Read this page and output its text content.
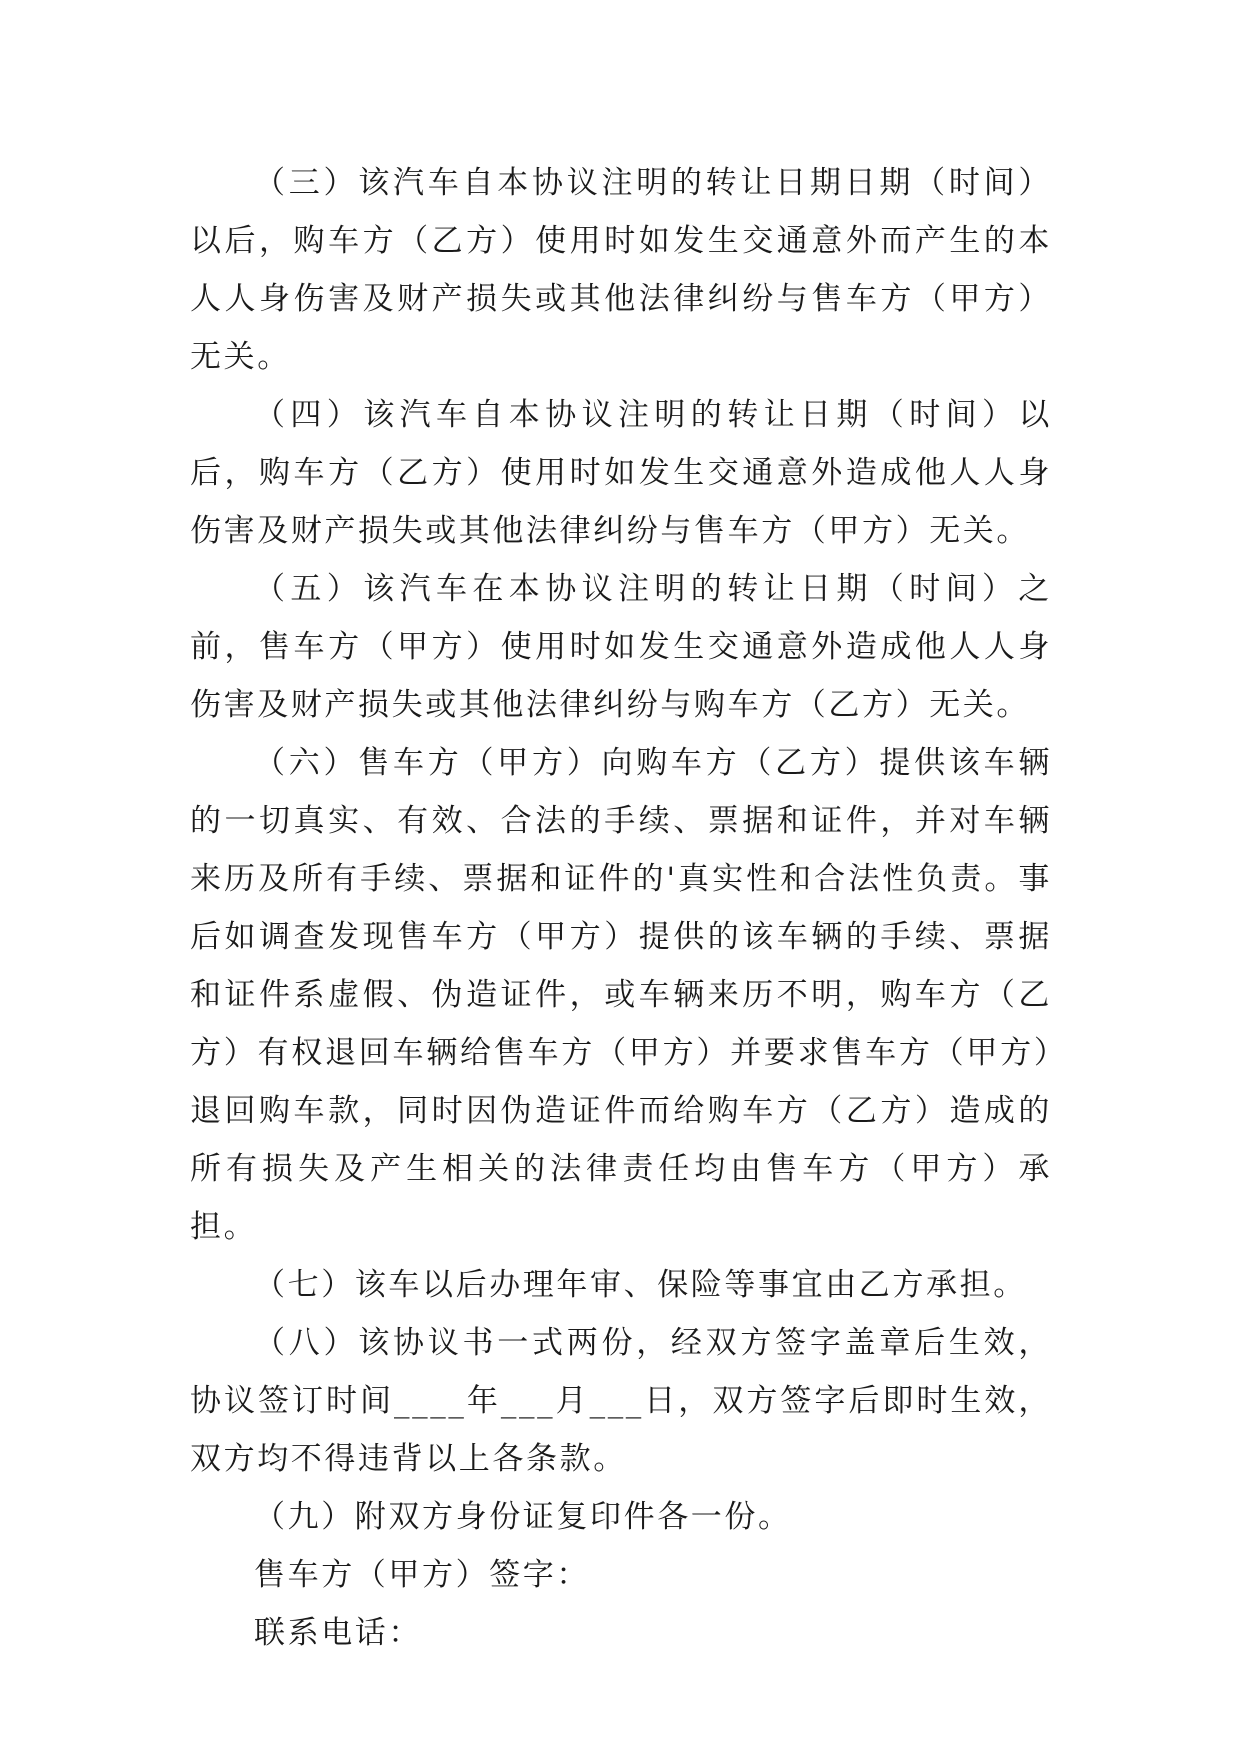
（三）该汽车自本协议注明的转让日期日期（时间）以后，购车方（乙方）使用时如发生交通意外而产生的本人人身伤害及财产损失或其他法律纠纷与售车方（甲方）无关。

（四）该汽车自本协议注明的转让日期（时间）以后，购车方（乙方）使用时如发生交通意外造成他人人身伤害及财产损失或其他法律纠纷与售车方（甲方）无关。

（五）该汽车在本协议注明的转让日期（时间）之前，售车方（甲方）使用时如发生交通意外造成他人人身伤害及财产损失或其他法律纠纷与购车方（乙方）无关。

（六）售车方（甲方）向购车方（乙方）提供该车辆的一切真实、有效、合法的手续、票据和证件，并对车辆来历及所有手续、票据和证件的'真实性和合法性负责。事后如调查发现售车方（甲方）提供的该车辆的手续、票据和证件系虚假、伪造证件，或车辆来历不明，购车方（乙方）有权退回车辆给售车方（甲方）并要求售车方（甲方）退回购车款，同时因伪造证件而给购车方（乙方）造成的所有损失及产生相关的法律责任均由售车方（甲方）承担。

（七）该车以后办理年审、保险等事宜由乙方承担。

（八）该协议书一式两份，经双方签字盖章后生效，协议签订时间____年___月___日，双方签字后即时生效，双方均不得违背以上各条款。

（九）附双方身份证复印件各一份。

售车方（甲方）签字：

联系电话：
